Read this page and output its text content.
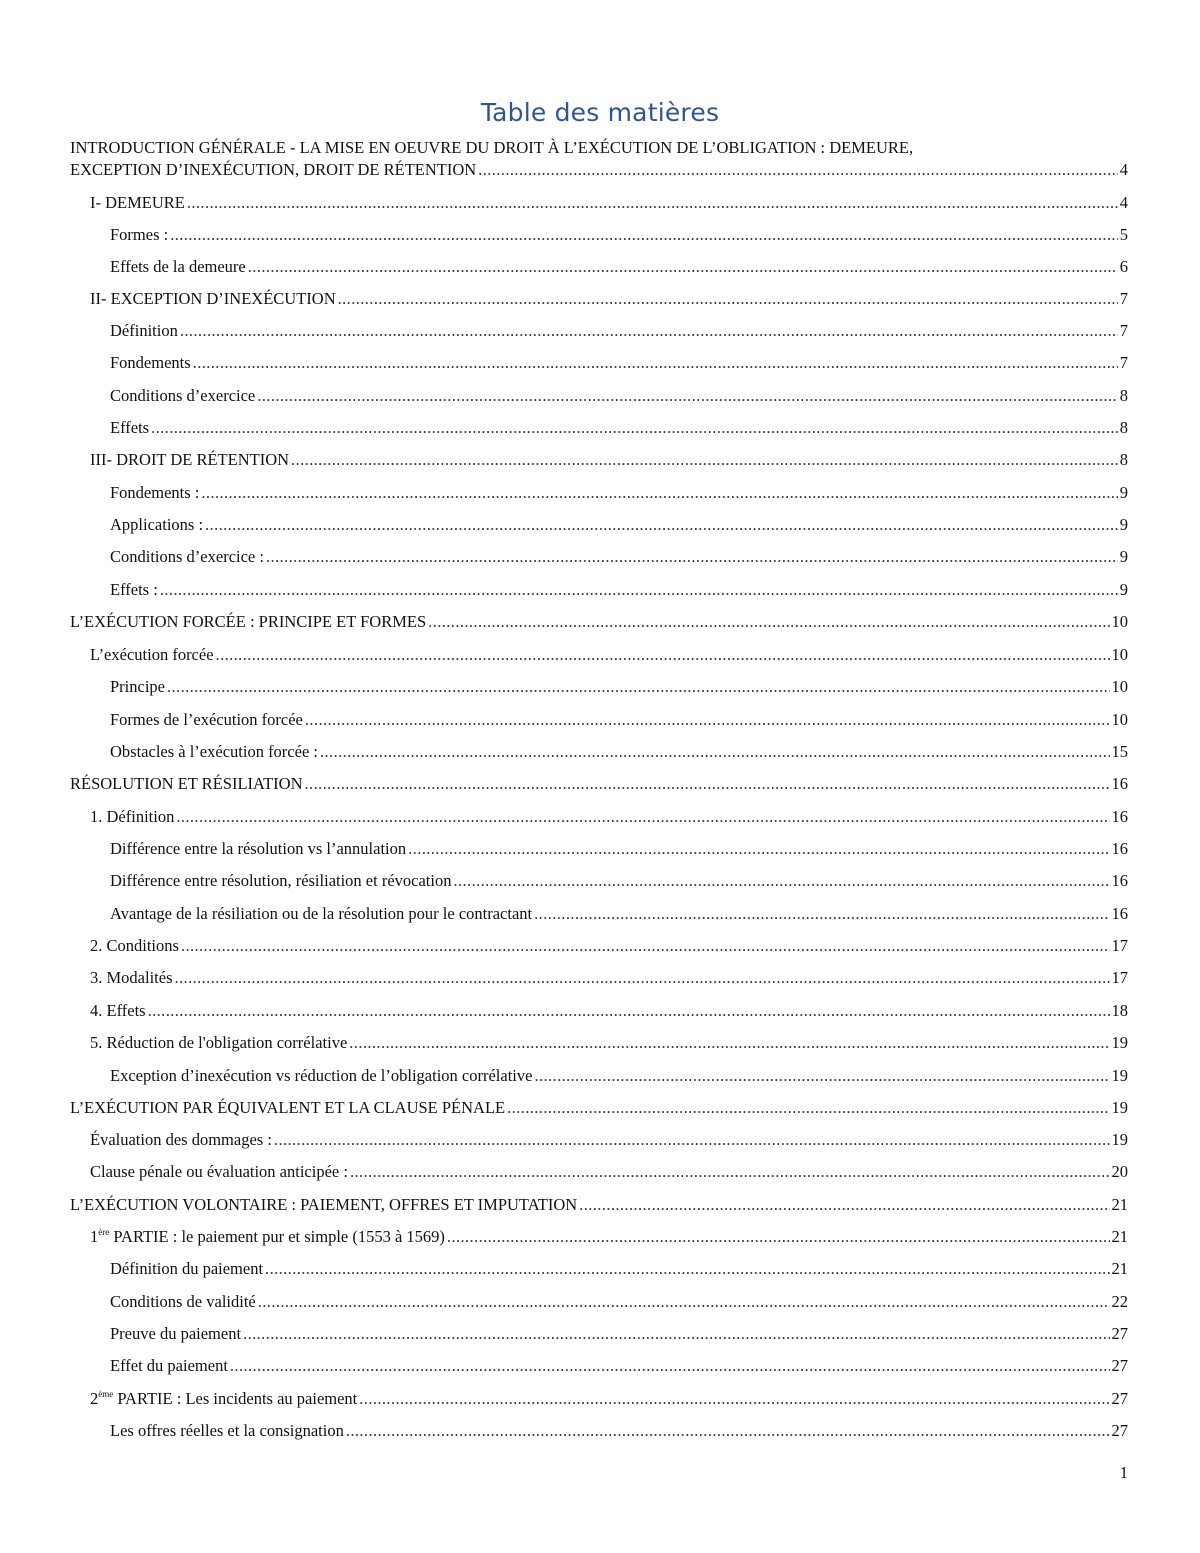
Table des matières
INTRODUCTION GÉNÉRALE - LA MISE EN OEUVRE DU DROIT À L’EXÉCUTION DE L’OBLIGATION : DEMEURE,
EXCEPTION D’INEXÉCUTION, DROIT DE RÉTENTION .....	4
I- DEMEURE .....	4
Formes : .....	5
Effets de la demeure .....	6
II- EXCEPTION D’INEXÉCUTION .....	7
Définition .....	7
Fondements .....	7
Conditions d’exercice .....	8
Effets .....	8
III- DROIT DE RÉTENTION .....	8
Fondements : .....	9
Applications : .....	9
Conditions d’exercice : .....	9
Effets : .....	9
L’EXÉCUTION FORCÉE : PRINCIPE ET FORMES .....	10
L’exécution forcée .....	10
Principe .....	10
Formes de l’exécution forcée .....	10
Obstacles à l’exécution forcée : .....	15
RÉSOLUTION ET RÉSILIATION .....	16
1. Définition .....	16
Différence entre la résolution vs l’annulation .....	16
Différence entre résolution, résiliation et révocation .....	16
Avantage de la résiliation ou de la résolution pour le contractant .....	16
2. Conditions .....	17
3. Modalités .....	17
4. Effets .....	18
5. Réduction de l'obligation corrélative .....	19
Exception d’inexécution vs réduction de l’obligation corrélative .....	19
L’EXÉCUTION PAR ÉQUIVALENT ET LA CLAUSE PÉNALE .....	19
Évaluation des dommages : .....	19
Clause pénale ou évaluation anticipée : .....	20
L’EXÉCUTION VOLONTAIRE : PAIEMENT, OFFRES ET IMPUTATION .....	21
1ère PARTIE : le paiement pur et simple (1553 à 1569) .....	21
Définition du paiement .....	21
Conditions de validité .....	22
Preuve du paiement .....	27
Effet du paiement .....	27
2ème PARTIE : Les incidents au paiement .....	27
Les offres réelles et la consignation .....	27
1
